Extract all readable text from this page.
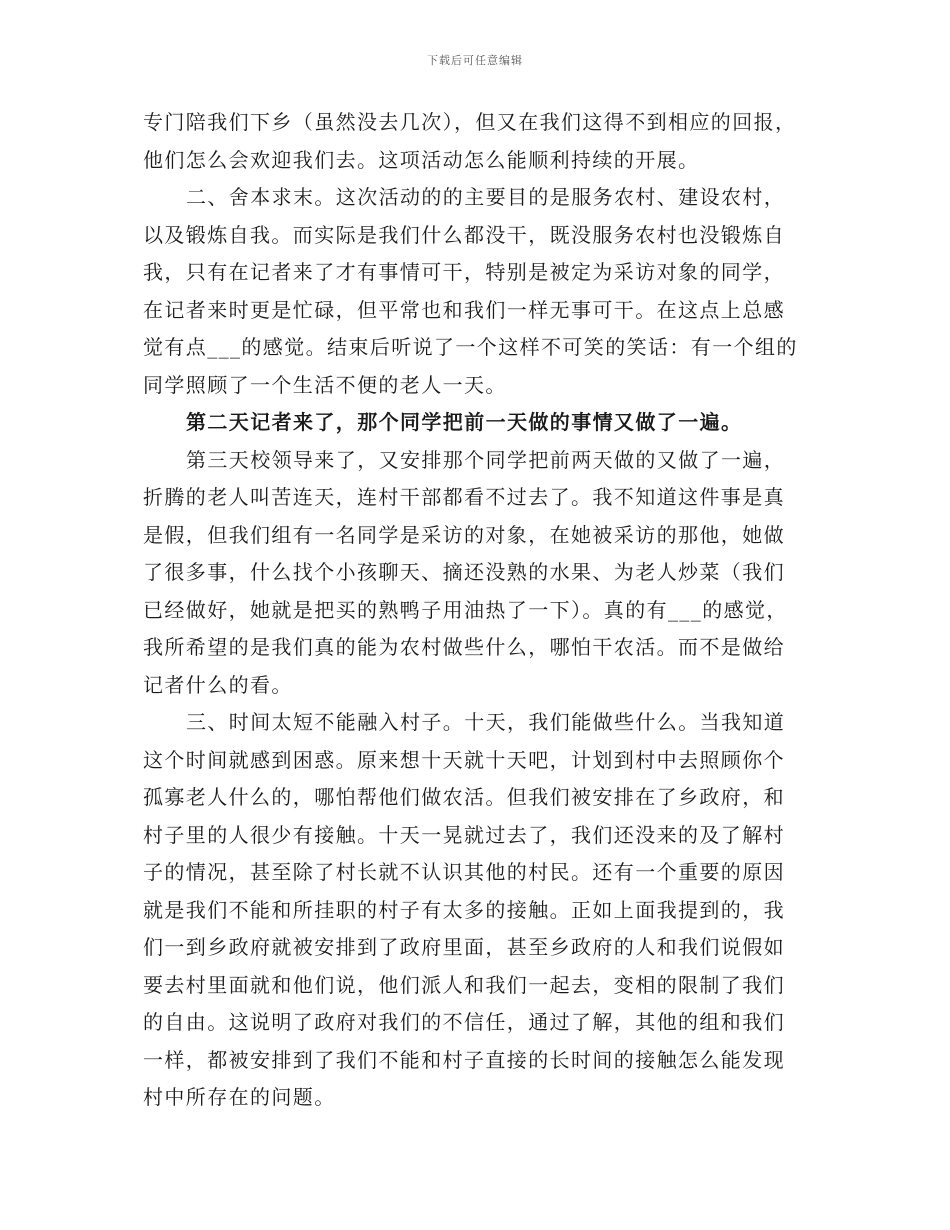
下载后可任意编辑
专门陪我们下乡（虽然没去几次），但又在我们这得不到相应的回报，
他们怎么会欢迎我们去。这项活动怎么能顺利持续的开展。
二、舍本求末。这次活动的的主要目的是服务农村、建设农村，
以及锻炼自我。而实际是我们什么都没干，既没服务农村也没锻炼自
我，只有在记者来了才有事情可干，特别是被定为采访对象的同学，
在记者来时更是忙碌，但平常也和我们一样无事可干。在这点上总感
觉有点___的感觉。结束后听说了一个这样不可笑的笑话：有一个组的
同学照顾了一个生活不便的老人一天。
第二天记者来了，那个同学把前一天做的事情又做了一遍。
第三天校领导来了，又安排那个同学把前两天做的又做了一遍，
折腾的老人叫苦连天，连村干部都看不过去了。我不知道这件事是真
是假，但我们组有一名同学是采访的对象，在她被采访的那他，她做
了很多事，什么找个小孩聊天、摘还没熟的水果、为老人炒菜（我们
已经做好，她就是把买的熟鸭子用油热了一下）。真的有___的感觉，
我所希望的是我们真的能为农村做些什么，哪怕干农活。而不是做给
记者什么的看。
三、时间太短不能融入村子。十天，我们能做些什么。当我知道
这个时间就感到困惑。原来想十天就十天吧，计划到村中去照顾你个
孤寡老人什么的，哪怕帮他们做农活。但我们被安排在了乡政府，和
村子里的人很少有接触。十天一晃就过去了，我们还没来的及了解村
子的情况，甚至除了村长就不认识其他的村民。还有一个重要的原因
就是我们不能和所挂职的村子有太多的接触。正如上面我提到的，我
们一到乡政府就被安排到了政府里面，甚至乡政府的人和我们说假如
要去村里面就和他们说，他们派人和我们一起去，变相的限制了我们
的自由。这说明了政府对我们的不信任，通过了解，其他的组和我们
一样，都被安排到了我们不能和村子直接的长时间的接触怎么能发现
村中所存在的问题。
